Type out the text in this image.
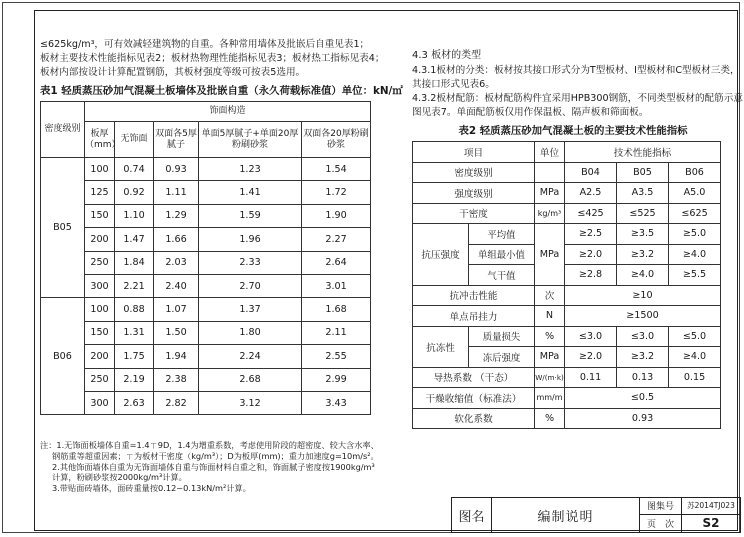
≤625kg/m³，可有效减轻建筑物的自重。各种常用墙体及批嵌后自重见表1；

板材主要技术性能指标见表2；板材热物理性能指标见表3；板材热工指标见表4；

板材内部按设计计算配置钢筋，其板材强度等级可按表5选用。

表1 轻质蒸压砂加气混凝土板墙体及批嵌自重（永久荷载标准值）单位：kN/㎡

密度级别	饰面构造				
	板厚（mm）	无饰面	双面各5厚腻子	单面5厚腻子+单面20厚粉刷砂浆	双面各20厚粉刷砂浆
B05	100	0.74	0.93	1.23	1.54
	125	0.92	1.11	1.41	1.72
	150	1.10	1.29	1.59	1.90
	200	1.47	1.66	1.96	2.27
	250	1.84	2.03	2.33	2.64
	300	2.21	2.40	2.70	3.01
B06	100	0.88	1.07	1.37	1.68
	150	1.31	1.50	1.80	2.11
	200	1.75	1.94	2.24	2.55
	250	2.19	2.38	2.68	2.99
	300	2.63	2.82	3.12	3.43

注：1.无饰面板墙体自重=1.4ㄒ9D，1.4为增重系数，考虑使用阶段的超密度、较大含水率、

钢筋重等超重因素；ㄒ为板材干密度（kg/m³）；D为板厚(mm)；重力加速度g=10m/s²。

2.其他饰面墙体自重为无饰面墙体自重与饰面材料自重之和，饰面腻子密度按1900kg/m³

计算，粉刷砂浆按2000kg/m³计算。

3.带贴面砖墙体，面砖重量按0.12~0.13kN/m²计算。

4.3 板材的类型

4.3.1板材的分类：板材按其接口形式分为T型板材、I型板材和C型板材三类，

其接口形式见表6。

4.3.2板材配筋：板材配筋构件宜采用HPB300钢筋，不同类型板材的配筋示意

图见表7。单面配筋板仅用作保温板、隔声板和筛面板。

表2 轻质蒸压砂加气混凝土板的主要技术性能指标

项目		单位	技术性能指标		
密度级别			B04	B05	B06
强度级别		MPa	A2.5	A3.5	A5.0
干密度		kg/m³	≤425	≤525	≤625
抗压强度	平均值	MPa	≥2.5	≥3.5	≥5.0
	单组最小值		≥2.0	≥3.2	≥4.0
	气干值		≥2.8	≥4.0	≥5.5
抗冲击性能		次	≥10		
单点吊挂力		N	≥1500		
抗冻性	质量损失	%	≤3.0	≤3.0	≤5.0
	冻后强度	MPa	≥2.0	≥3.2	≥4.0
导热系数 （干态）		W/(m·k)	0.11	0.13	0.15
干燥收缩值（标准法）		mm/m	≤0.5		
软化系数		%	0.93		
图名	编制说明	图集号	苏2014TJ023
		页　次	S2
